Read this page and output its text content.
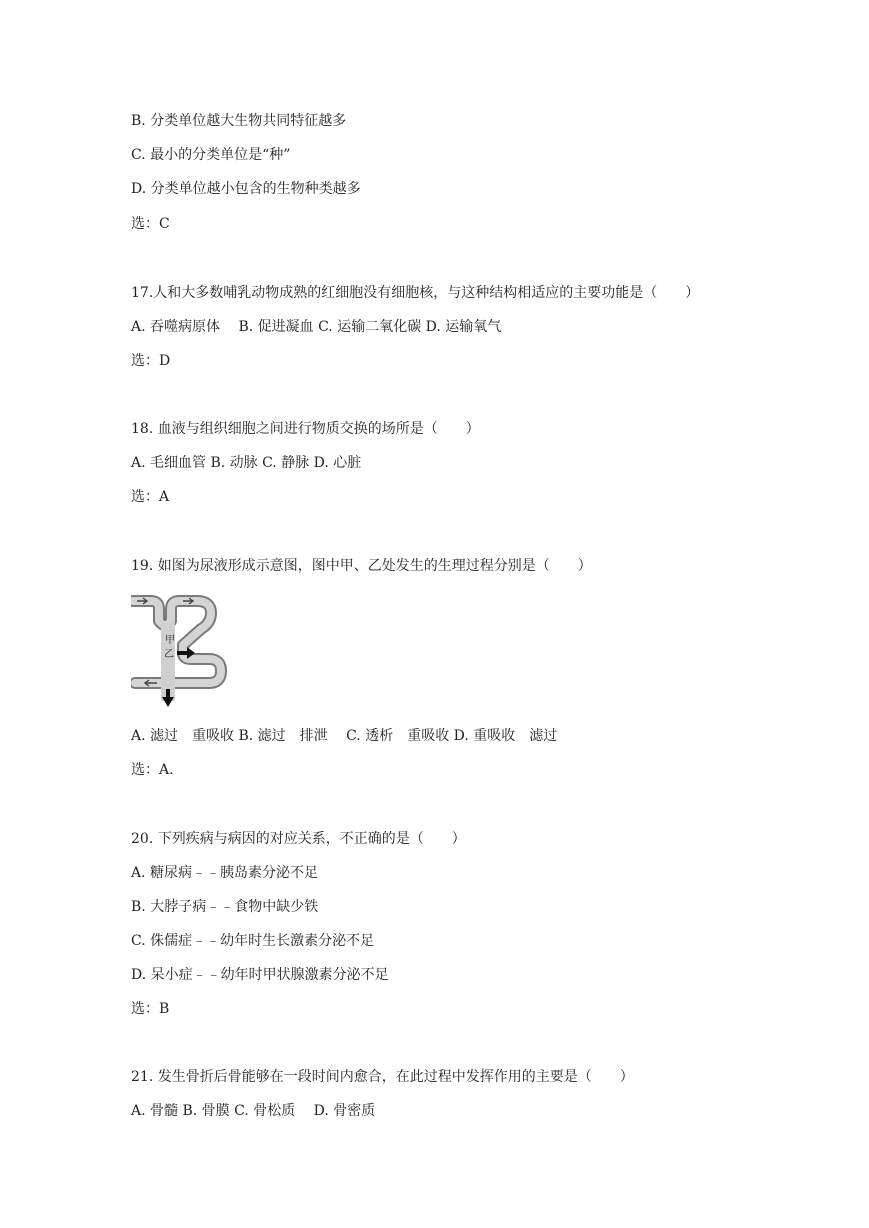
B. 分类单位越大生物共同特征越多
C. 最小的分类单位是“种”
D. 分类单位越小包含的生物种类越多
选：C
17.人和大多数哺乳动物成熟的红细胞没有细胞核，与这种结构相适应的主要功能是（　　）
A. 吞噬病原体　 B. 促进凝血 C. 运输二氧化碳 D. 运输氧气
选：D
18. 血液与组织细胞之间进行物质交换的场所是（　　）
A. 毛细血管 B. 动脉 C. 静脉 D. 心脏
选：A
19. 如图为尿液形成示意图，图中甲、乙处发生的生理过程分别是（　　）
甲
乙
A. 滤过　重吸收 B. 滤过　排泄　 C. 透析　重吸收 D. 重吸收　滤过
选：A.
20. 下列疾病与病因的对应关系，不正确的是（　　）
A. 糖尿病﹣﹣胰岛素分泌不足
B. 大脖子病﹣﹣食物中缺少铁
C. 侏儒症﹣﹣幼年时生长激素分泌不足
D. 呆小症﹣﹣幼年时甲状腺激素分泌不足
选：B
21. 发生骨折后骨能够在一段时间内愈合，在此过程中发挥作用的主要是（　　）
A. 骨髓 B. 骨膜 C. 骨松质　 D. 骨密质
